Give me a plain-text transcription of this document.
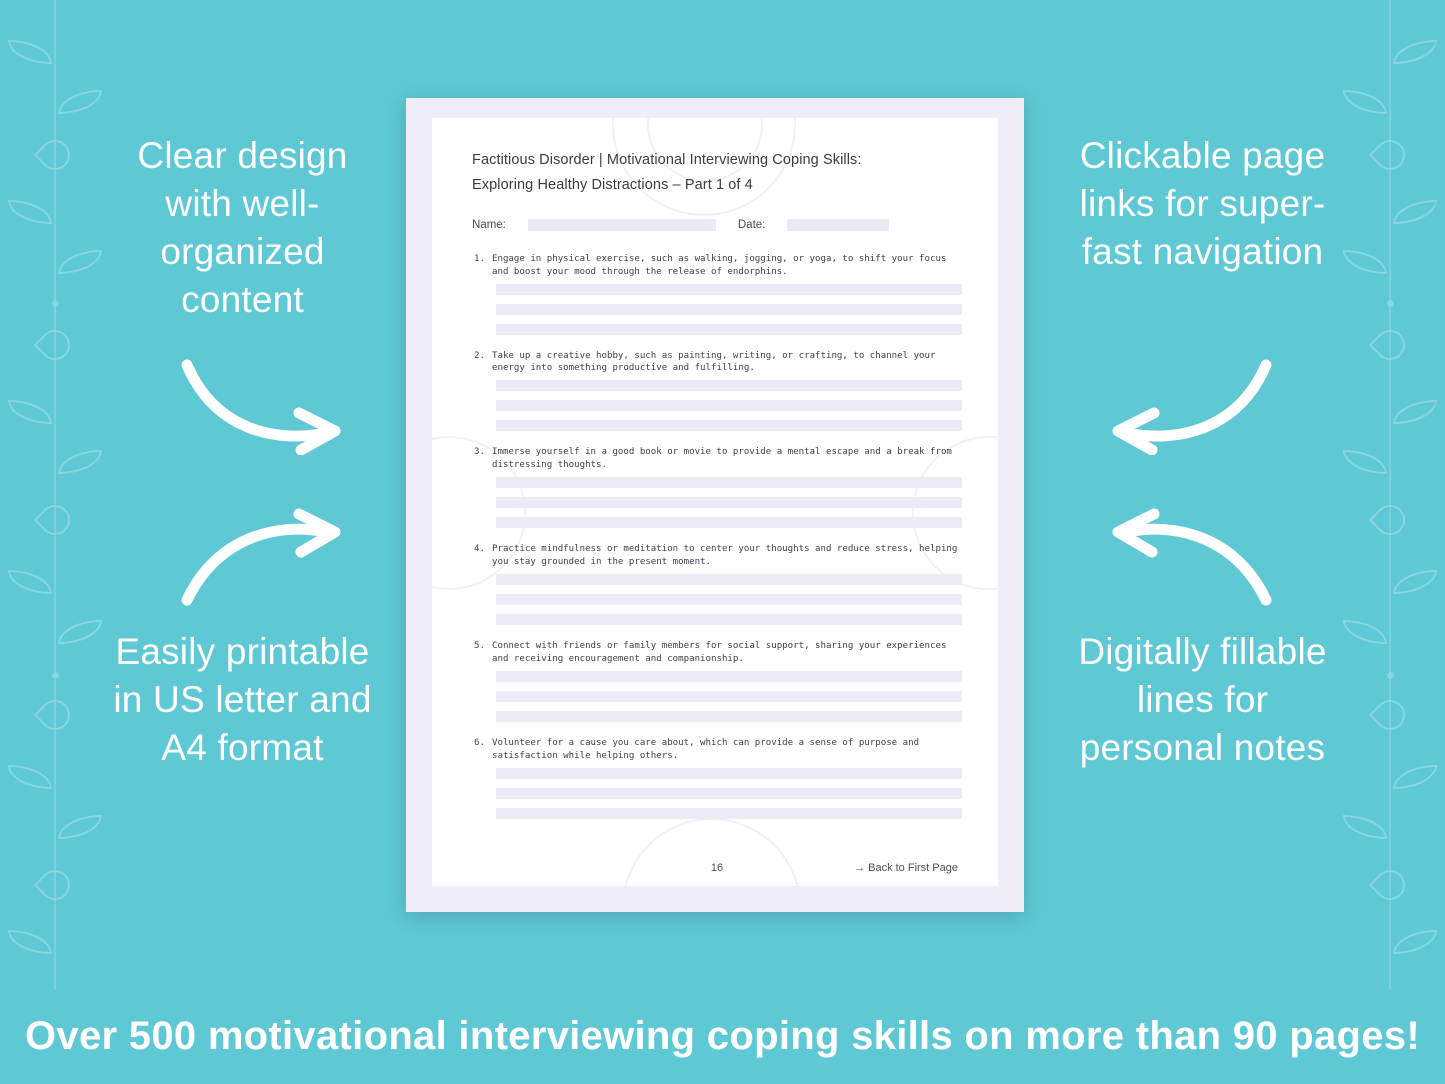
Clear design with well-organized content
Easily printable in US letter and A4 format
Clickable page links for super-fast navigation
Digitally fillable lines for personal notes
Factitious Disorder | Motivational Interviewing Coping Skills:
Exploring Healthy Distractions – Part 1 of 4
Name:	Date:
1. Engage in physical exercise, such as walking, jogging, or yoga, to shift your focus and boost your mood through the release of endorphins.
2. Take up a creative hobby, such as painting, writing, or crafting, to channel your energy into something productive and fulfilling.
3. Immerse yourself in a good book or movie to provide a mental escape and a break from distressing thoughts.
4. Practice mindfulness or meditation to center your thoughts and reduce stress, helping you stay grounded in the present moment.
5. Connect with friends or family members for social support, sharing your experiences and receiving encouragement and companionship.
6. Volunteer for a cause you care about, which can provide a sense of purpose and satisfaction while helping others.
16	→ Back to First Page
Over 500 motivational interviewing coping skills on more than 90 pages!
